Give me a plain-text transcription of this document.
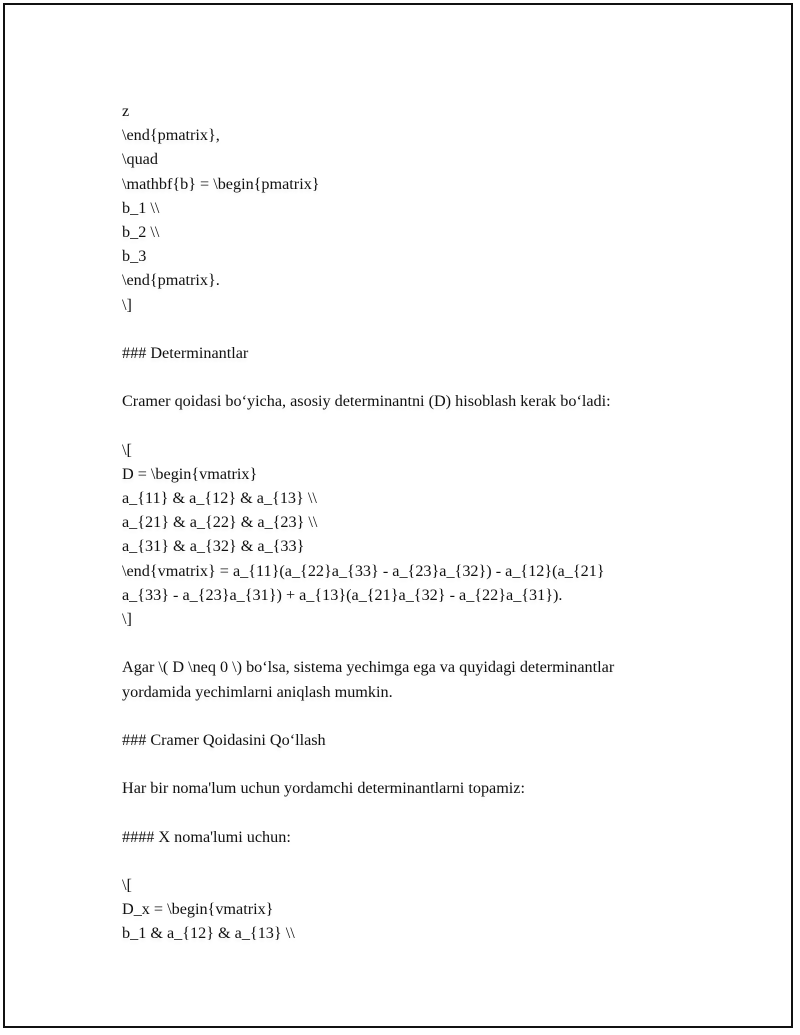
z
\end{pmatrix},
\quad
\mathbf{b} = \begin{pmatrix}
b_1 \\
b_2 \\
b_3
\end{pmatrix}.
\]
### Determinantlar
Cramer qoidasi bo‘yicha, asosiy determinantni (D) hisoblash kerak bo‘ladi:
\[
D = \begin{vmatrix}
a_{11} & a_{12} & a_{13} \\
a_{21} & a_{22} & a_{23} \\
a_{31} & a_{32} & a_{33}
\end{vmatrix} = a_{11}(a_{22}a_{33} - a_{23}a_{32}) - a_{12}(a_{21}
a_{33} - a_{23}a_{31}) + a_{13}(a_{21}a_{32} - a_{22}a_{31}).
\]
Agar \( D \neq 0 \) bo‘lsa, sistema yechimga ega va quyidagi determinantlar
yordamida yechimlarni aniqlash mumkin.
### Cramer Qoidasini Qo‘llash
Har bir noma'lum uchun yordamchi determinantlarni topamiz:
#### X noma'lumi uchun:
\[
D_x = \begin{vmatrix}
b_1 & a_{12} & a_{13} \\
